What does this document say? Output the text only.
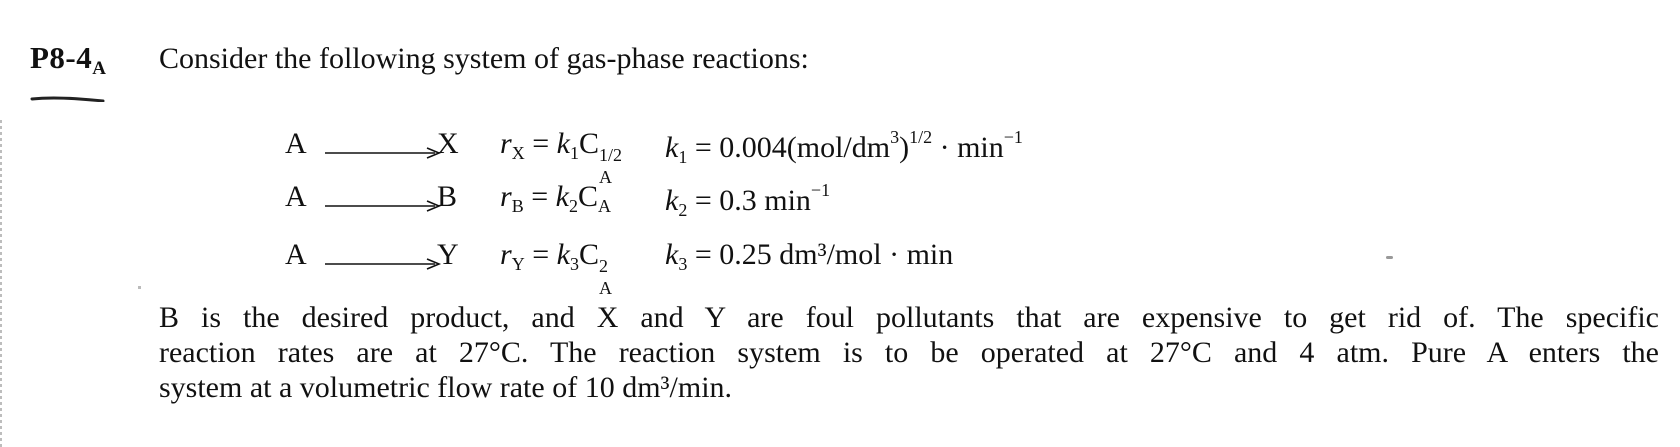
$P8-4_A$ Consider the following system of gas-phase reactions:
A →
X $r_X = k_1C$ 1/2
A
$k_1 = 0.004(mol/dm^3)^{1/2} \cdot \min^{-1}$
A →
B $r_B = k_2C_A$ $k_2 = 0.3$ $\min^{-1}$
A →
Y $r_Y = k_3C$ 2
A
$k_3 = 0.25$ dm³/mol · min
B is the desired product, and X and Y are foul pollutants that are expensive to get rid of. The specific
reaction rates are at 27°C. The reaction system is to be operated at 27°C and 4 atm. Pure A enters the
system at a volumetric flow rate of 10 dm³/min.
